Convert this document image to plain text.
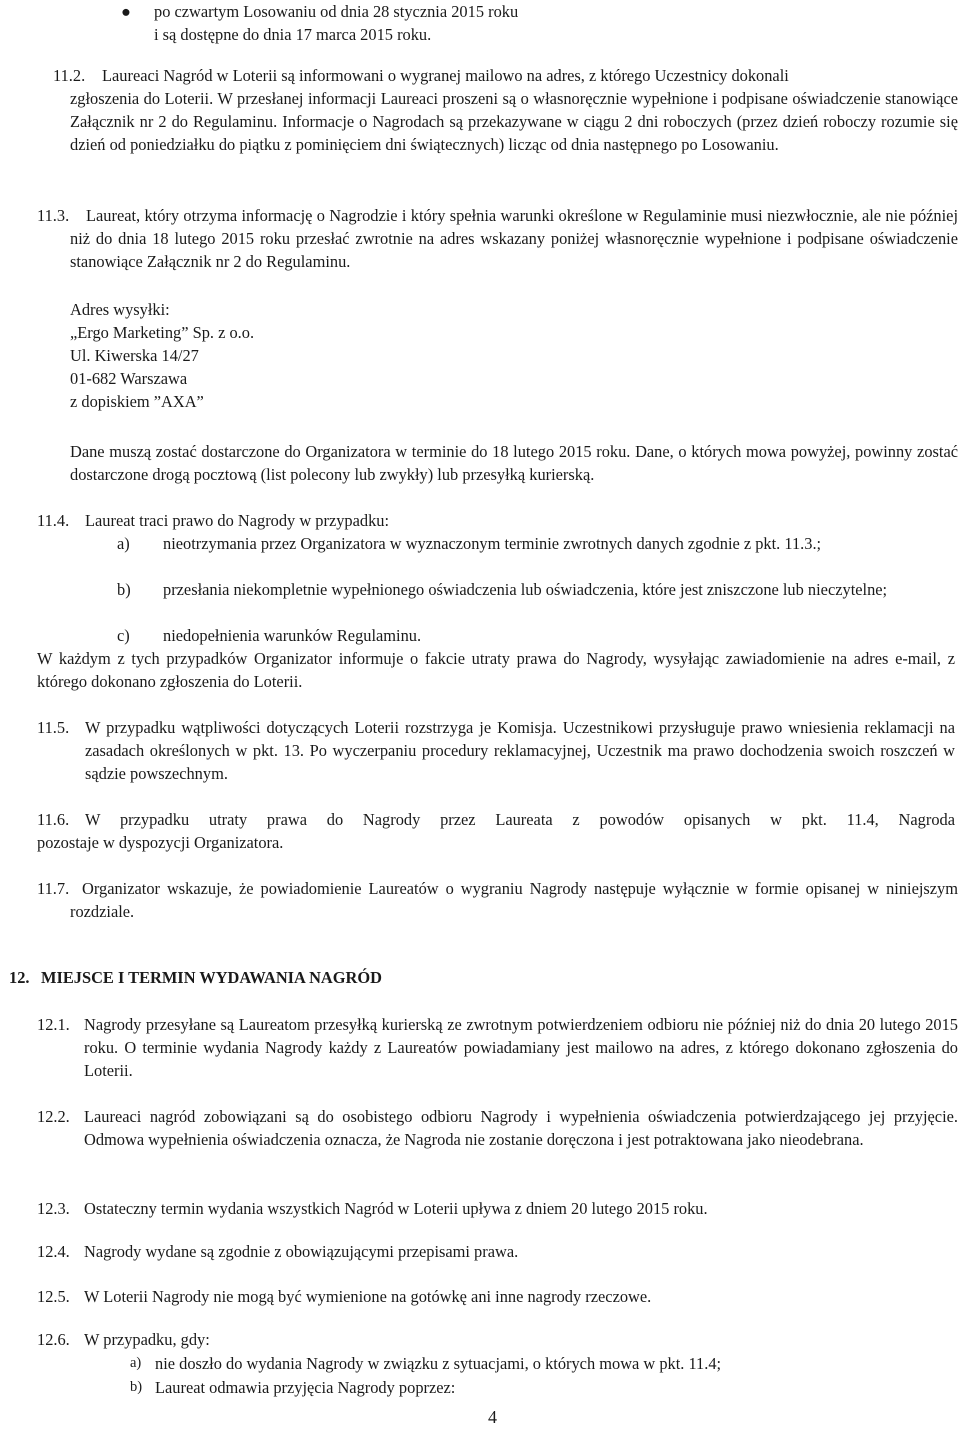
● po czwartym Losowaniu od dnia 28 stycznia 2015 roku
i są dostępne do dnia 17 marca 2015 roku.
11.2. Laureaci Nagród w Loterii są informowani o wygranej mailowo na adres, z którego Uczestnicy dokonali
zgłoszenia do Loterii. W przesłanej informacji Laureaci proszeni są o własnoręcznie wypełnione i podpisane oświadczenie stanowiące Załącznik nr 2 do Regulaminu. Informacje o Nagrodach są przekazywane w ciągu 2 dni roboczych (przez dzień roboczy rozumie się dzień od poniedziałku do piątku z pominięciem dni świątecznych) licząc od dnia następnego po Losowaniu.
11.3.	Laureat, który otrzyma informację o Nagrodzie i który spełnia warunki określone w Regulaminie musi niezwłocznie, ale nie później niż do dnia 18 lutego 2015 roku przesłać zwrotnie na adres wskazany poniżej własnoręcznie wypełnione i podpisane oświadczenie stanowiące Załącznik nr 2 do Regulaminu.
Adres wysyłki:
„Ergo Marketing” Sp. z o.o.
Ul. Kiwerska 14/27
01-682 Warszawa
z dopiskiem ”AXA”
Dane muszą zostać dostarczone do Organizatora w terminie do 18 lutego 2015 roku. Dane, o których mowa powyżej, powinny zostać dostarczone drogą pocztową (list polecony lub zwykły) lub przesyłką kurierską.
11.4. Laureat traci prawo do Nagrody w przypadku:
a) nieotrzymania przez Organizatora w wyznaczonym terminie zwrotnych danych zgodnie z pkt. 11.3.;
b) przesłania niekompletnie wypełnionego oświadczenia lub oświadczenia, które jest zniszczone lub nieczytelne;
c) niedopełnienia warunków Regulaminu.
W każdym z tych przypadków Organizator informuje o fakcie utraty prawa do Nagrody, wysyłając zawiadomienie na adres e-mail, z którego dokonano zgłoszenia do Loterii.
11.5. W przypadku wątpliwości dotyczących Loterii rozstrzyga je Komisja. Uczestnikowi przysługuje prawo wniesienia reklamacji na zasadach określonych w pkt. 13. Po wyczerpaniu procedury reklamacyjnej, Uczestnik ma prawo dochodzenia swoich roszczeń w sądzie powszechnym.
11.6. W przypadku utraty prawa do Nagrody przez Laureata z powodów opisanych w pkt. 11.4, Nagroda
pozostaje w dyspozycji Organizatora.
11.7. Organizator wskazuje, że powiadomienie Laureatów o wygraniu Nagrody następuje wyłącznie w formie opisanej w niniejszym rozdziale.
12. MIEJSCE I TERMIN WYDAWANIA NAGRÓD
12.1. Nagrody przesyłane są Laureatom przesyłką kurierską ze zwrotnym potwierdzeniem odbioru nie później niż do dnia 20 lutego 2015 roku. O terminie wydania Nagrody każdy z Laureatów powiadamiany jest mailowo na adres, z którego dokonano zgłoszenia do Loterii.
12.2. Laureaci nagród zobowiązani są do osobistego odbioru Nagrody i wypełnienia oświadczenia potwierdzającego jej przyjęcie. Odmowa wypełnienia oświadczenia oznacza, że Nagroda nie zostanie doręczona i jest potraktowana jako nieodebrana.
12.3. Ostateczny termin wydania wszystkich Nagród w Loterii upływa z dniem 20 lutego 2015 roku.
12.4. Nagrody wydane są zgodnie z obowiązującymi przepisami prawa.
12.5. W Loterii Nagrody nie mogą być wymienione na gotówkę ani inne nagrody rzeczowe.
12.6. W przypadku, gdy:
a) nie doszło do wydania Nagrody w związku z sytuacjami, o których mowa w pkt. 11.4;
b) Laureat odmawia przyjęcia Nagrody poprzez:
4
